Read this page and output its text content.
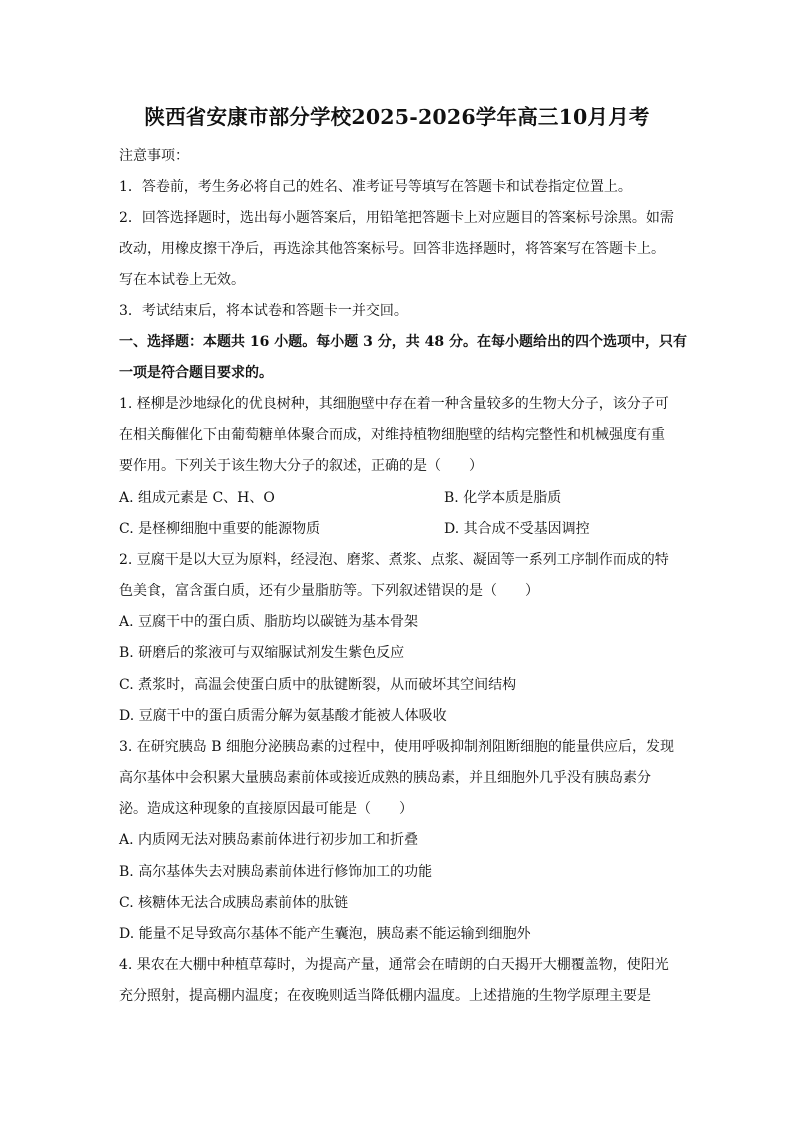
陕西省安康市部分学校2025-2026学年高三10月月考
注意事项：
1．答卷前，考生务必将自己的姓名、准考证号等填写在答题卡和试卷指定位置上。
2．回答选择题时，选出每小题答案后，用铅笔把答题卡上对应题目的答案标号涂黑。如需
改动，用橡皮擦干净后，再选涂其他答案标号。回答非选择题时，将答案写在答题卡上。
写在本试卷上无效。
3．考试结束后，将本试卷和答题卡一并交回。
一、选择题：本题共 16 小题。每小题 3 分，共 48 分。在每小题给出的四个选项中，只有
一项是符合题目要求的。
1. 柽柳是沙地绿化的优良树种，其细胞壁中存在着一种含量较多的生物大分子，该分子可
在相关酶催化下由葡萄糖单体聚合而成，对维持植物细胞壁的结构完整性和机械强度有重
要作用。下列关于该生物大分子的叙述，正确的是（　　）
A. 组成元素是 C、H、O	B. 化学本质是脂质
C. 是柽柳细胞中重要的能源物质	D. 其合成不受基因调控
2. 豆腐干是以大豆为原料，经浸泡、磨浆、煮浆、点浆、凝固等一系列工序制作而成的特
色美食，富含蛋白质，还有少量脂肪等。下列叙述错误的是（　　）
A. 豆腐干中的蛋白质、脂肪均以碳链为基本骨架
B. 研磨后的浆液可与双缩脲试剂发生紫色反应
C. 煮浆时，高温会使蛋白质中的肽键断裂，从而破坏其空间结构
D. 豆腐干中的蛋白质需分解为氨基酸才能被人体吸收
3. 在研究胰岛 B 细胞分泌胰岛素的过程中，使用呼吸抑制剂阻断细胞的能量供应后，发现
高尔基体中会积累大量胰岛素前体或接近成熟的胰岛素，并且细胞外几乎没有胰岛素分
泌。造成这种现象的直接原因最可能是（　　）
A. 内质网无法对胰岛素前体进行初步加工和折叠
B. 高尔基体失去对胰岛素前体进行修饰加工的功能
C. 核糖体无法合成胰岛素前体的肽链
D. 能量不足导致高尔基体不能产生囊泡，胰岛素不能运输到细胞外
4. 果农在大棚中种植草莓时，为提高产量，通常会在晴朗的白天揭开大棚覆盖物，使阳光
充分照射，提高棚内温度；在夜晚则适当降低棚内温度。上述措施的生物学原理主要是
